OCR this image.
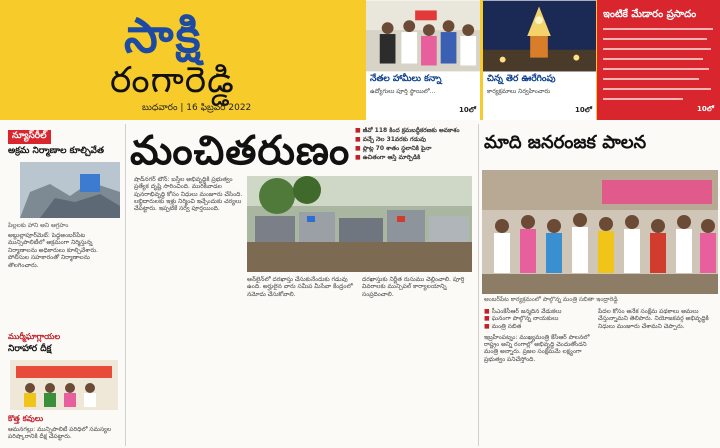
సాక్షి
రంగారెడ్డి
బుధవారం | 16 ఫిబ్రవరి 2022
నేతల హామీలు కన్నా
ఉద్యోగులు పూర్తి స్థాయిలో...
10లో
చిన్న తెర ఊరేగింపు
కార్యక్రమాలు నిర్వహించారు
10లో
ఇంటికే మేడారం ప్రసాదం
10లో
న్యూస్‌రీల్
అక్రమ నిర్మాణాల కూల్చివేత
పిల్లలకు హాని అని ఆగ్రహం
అబ్దుల్లాపూర్‌మెట్: పెద్దఅంబర్‌పేట మున్సిపాలిటీలో అక్రమంగా నిర్మిస్తున్న నిర్మాణాలను అధికారులు కూల్చివేశారు. పోలీసుల సహకారంతో నిర్మాణాలను తొలగించారు.
ముర్మీఘాగ్లాయల
నిరాహార దీక్ష
కొత్త కవులు
ఆమనగల్లు: మున్సిపాలిటీ పరిధిలో సమస్యల పరిష్కారానికి దీక్ష చేపట్టారు.
మంచితరుణం
షాద్‌నగర్ టౌన్: బస్తీల అభివృద్ధికి ప్రభుత్వం ప్రత్యేక దృష్టి సారించింది. మురికివాడల పునరాభివృద్ధి కోసం నిధులు మంజూరు చేసింది. లబ్ధిదారులకు ఇళ్లు నిర్మించి ఇచ్చేందుకు చర్యలు చేపట్టారు. ఇప్పటికే సర్వే పూర్తయింది.
ఆన్‌లైన్‌లో దరఖాస్తు చేసుకునేందుకు గడువు ఉంది. అర్హులైన వారు సమీప మీసేవా కేంద్రంలో నమోదు చేసుకోవాలి.
దరఖాస్తుకు నిర్ణీత రుసుము చెల్లించాలి. పూర్తి వివరాలకు మున్సిపల్ కార్యాలయాన్ని సంప్రదించాలి.
■ జీవో 118 కింద క్రమబద్ధీకరణకు అవకాశం
■ వచ్చే నెల 31వరకు గడువు
■ ప్లాట్ల 70 శాతం స్థలానికి పైనా
■ ఉచితంగా ఆస్తి మార్పిడికి
మాది జనరంజక పాలన
అంబర్‌పేట కార్యక్రమంలో పాల్గొన్న మంత్రి సబితా ఇంద్రారెడ్డి
■ సీఎంకేసీఆర్‌ జన్మదిన వేడుకలు
■ ఘనంగా పాల్గొన్న నాయకులు
■ మంత్రి సబిత
ఇబ్రహీంపట్నం: ముఖ్యమంత్రి కేసీఆర్ పాలనలో రాష్ట్రం అన్ని రంగాల్లో అభివృద్ధి చెందుతోందని మంత్రి అన్నారు. ప్రజల సంక్షేమమే లక్ష్యంగా ప్రభుత్వం పనిచేస్తోంది.
పేదల కోసం అనేక సంక్షేమ పథకాలు అమలు చేస్తున్నామని తెలిపారు. నియోజకవర్గ అభివృద్ధికి నిధులు మంజూరు చేశామని చెప్పారు.
